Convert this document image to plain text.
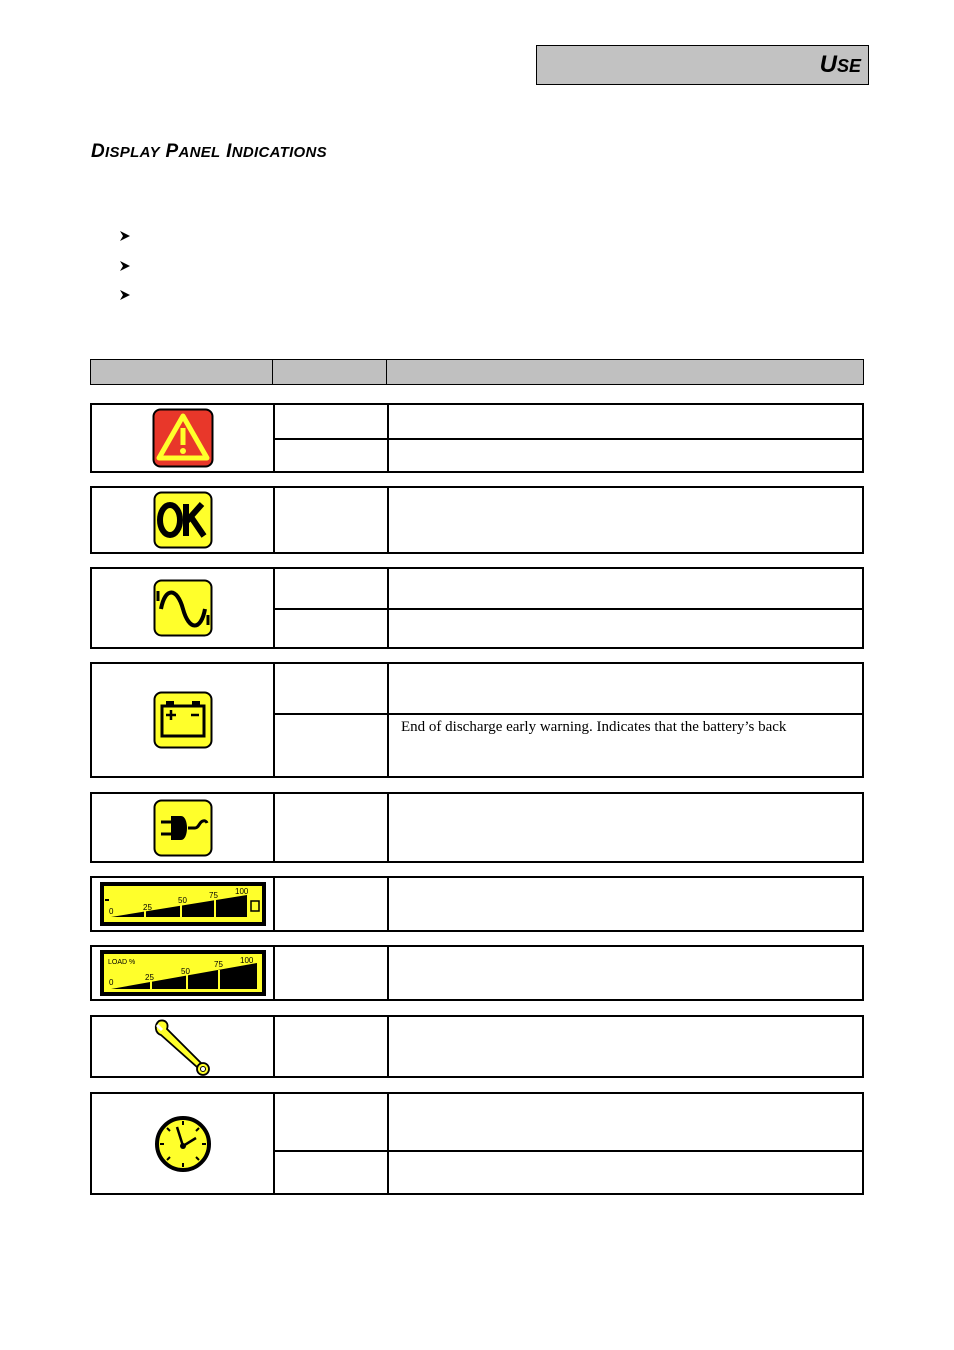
USE
DISPLAY PANEL INDICATIONS
End of discharge early warning. Indicates that the battery’s back
0	25
50
75 100
LOAD %
0
25
50
75 100
